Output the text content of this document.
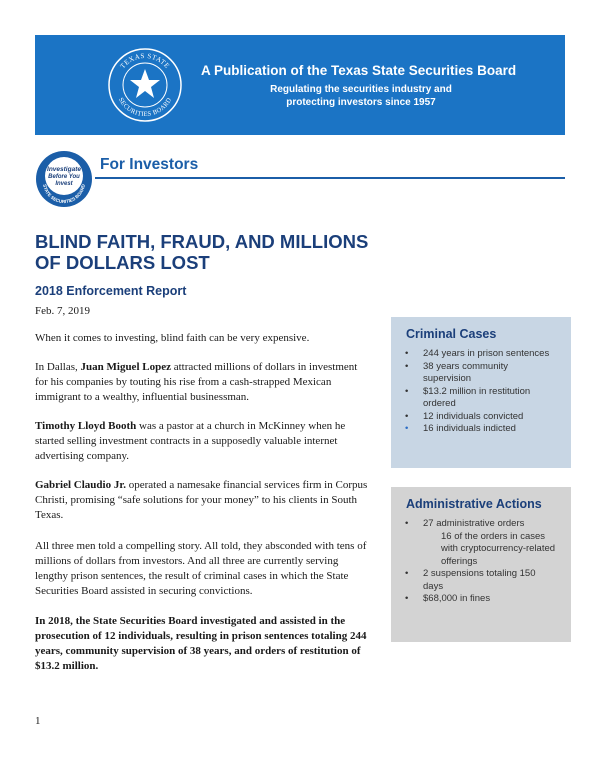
TEXAS STATE
SECURITIES BOARD
A Publication of the Texas State Securities Board
Regulating the securities industry and
protecting investors since 1957
Investigate
Before You
Invest
STATE SECURITIES BOARD
For Investors
BLIND FAITH, FRAUD, AND MILLIONS
OF DOLLARS LOST
2018 Enforcement Report
Feb. 7, 2019

When it comes to investing, blind faith can be very expensive.

In Dallas, Juan Miguel Lopez attracted millions of dollars in investment for his companies by touting his rise from a cash-strapped Mexican immigrant to a wealthy, influential businessman.

Timothy Lloyd Booth was a pastor at a church in McKinney when he started selling investment contracts in a supposedly valuable internet advertising company.

Gabriel Claudio Jr. operated a namesake financial services firm in Corpus Christi, promising “safe solutions for your money” to his clients in South Texas.

All three men told a compelling story. All told, they absconded with tens of millions of dollars from investors. And all three are currently serving lengthy prison sentences, the result of criminal cases in which the State Securities Board assisted in securing convictions.

In 2018, the State Securities Board investigated and assisted in the prosecution of 12 individuals, resulting in prison sentences totaling 244 years, community supervision of 38 years, and orders of restitution of $13.2 million.

Criminal Cases
• 244 years in prison sentences
• 38 years community supervision
• $13.2 million in restitution ordered
• 12 individuals convicted
• 16 individuals indicted
Administrative Actions
• 27 administrative orders
16 of the orders in cases with cryptocurrency-related offerings
• 2 suspensions totaling 150 days
• $68,000 in fines
1
